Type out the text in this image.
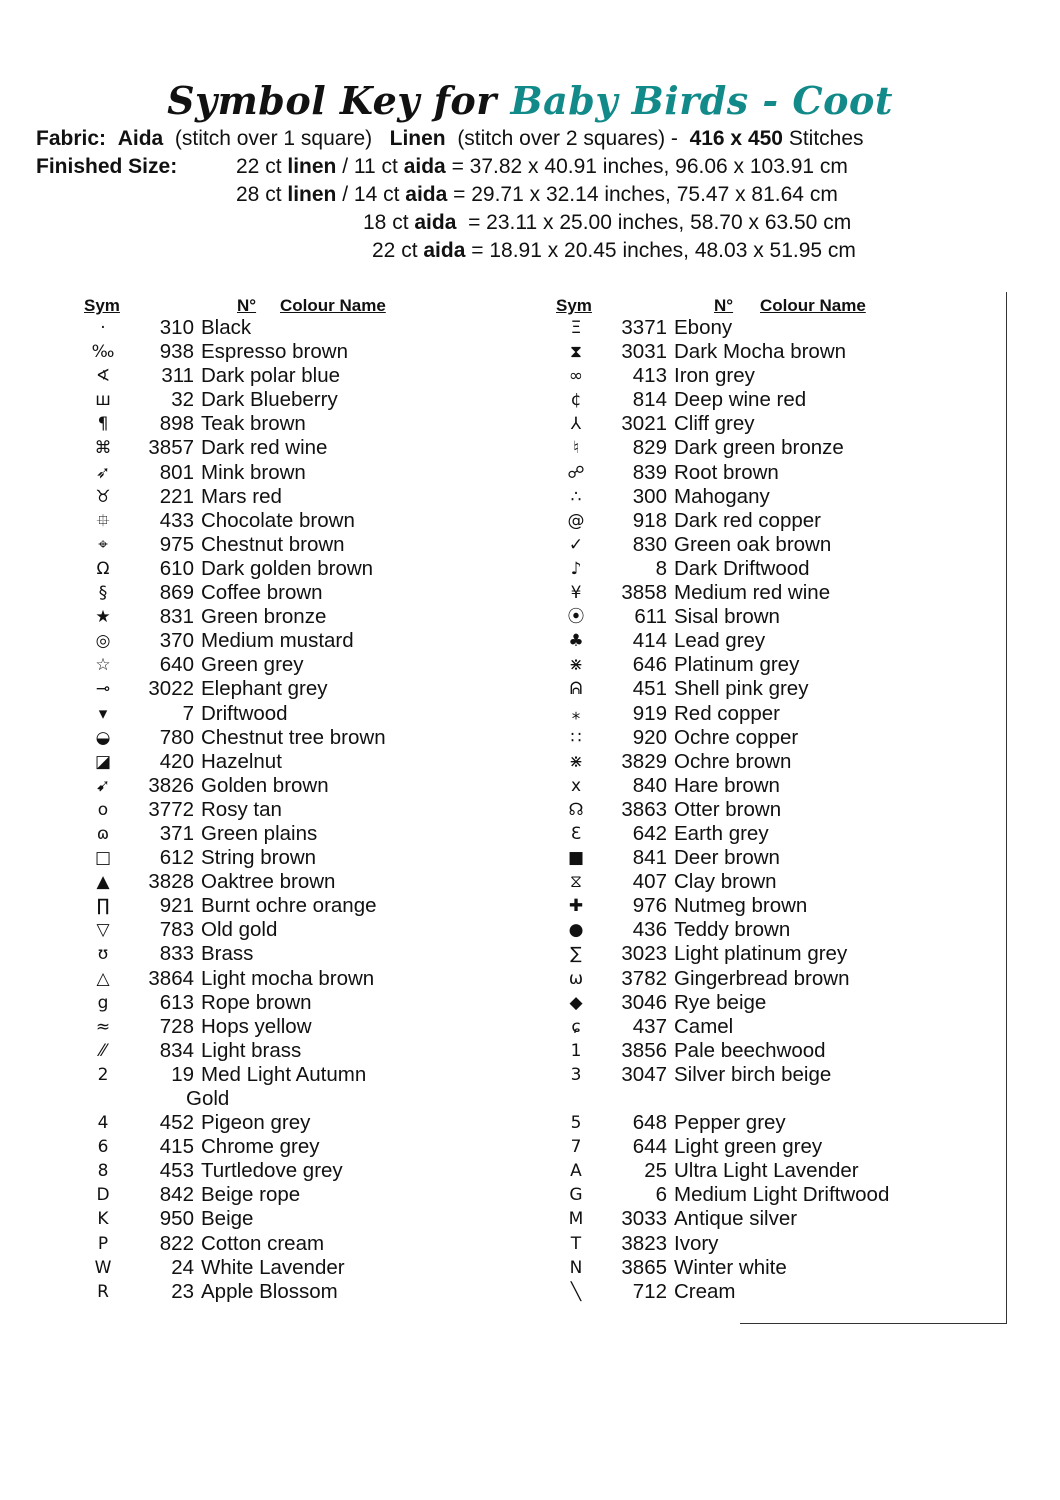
Symbol Key for Baby Birds - Coot
Fabric: Aida (stitch over 1 square) Linen (stitch over 2 squares) - 416 x 450 Stitches
Finished Size:	22 ct linen / 11 ct aida = 37.82 x 40.91 inches, 96.06 x 103.91 cm
28 ct linen / 14 ct aida = 29.71 x 32.14 inches, 75.47 x 81.64 cm
18 ct aida  = 23.11 x 25.00 inches, 58.70 x 63.50 cm
22 ct aida = 18.91 x 20.45 inches, 48.03 x 51.95 cm
Sym	N° Colour Name	Sym	N° Colour Name
·	310 Black
‰	938 Espresso brown
∢	311 Dark polar blue
ш	32 Dark Blueberry
¶	898 Teak brown
⌘	3857 Dark red wine
➶	801 Mink brown
♉	221 Mars red
⯐	433 Chocolate brown
⌖	975 Chestnut brown
Ω	610 Dark golden brown
§	869 Coffee brown
★	831 Green bronze
◎	370 Medium mustard
☆	640 Green grey
⊸	3022 Elephant grey
▾	7 Driftwood
◒	780 Chestnut tree brown
◪	420 Hazelnut
➹	3826 Golden brown
o	3772 Rosy tan
ɷ	371 Green plains
□	612 String brown
▲	3828 Oaktree brown
∏	921 Burnt ochre orange
▽	783 Old gold
ʊ	833 Brass
△	3864 Light mocha brown
g	613 Rope brown
≈	728 Hops yellow
⁄⁄	834 Light brass
2	19 Med Light Autumn
Gold
4	452 Pigeon grey
6	415 Chrome grey
8	453 Turtledove grey
D	842 Beige rope
K	950 Beige
P	822 Cotton cream
W	24 White Lavender
R	23 Apple Blossom
Ξ	3371 Ebony
⧗	3031 Dark Mocha brown
∞	413 Iron grey
¢	814 Deep wine red
⅄	3021 Cliff grey
♮	829 Dark green bronze
☍	839 Root brown
∴	300 Mahogany
@	918 Dark red copper
✓	830 Green oak brown
♪	8 Dark Driftwood
¥	3858 Medium red wine
⦿	611 Sisal brown
♣	414 Lead grey
⋇	646 Platinum grey
ᕱ	451 Shell pink grey
⁎	919 Red copper
∷	920 Ochre copper
⋇	3829 Ochre brown
x	840 Hare brown
☊	3863 Otter brown
Ɛ	642 Earth grey
■	841 Deer brown
⧖	407 Clay brown
✚	976 Nutmeg brown
●	436 Teddy brown
∑	3023 Light platinum grey
ω	3782 Gingerbread brown
◆	3046 Rye beige
ɕ	437 Camel
1	3856 Pale beechwood
3	3047 Silver birch beige
5	648 Pepper grey
7	644 Light green grey
A	25 Ultra Light Lavender
G	6 Medium Light Driftwood
M	3033 Antique silver
T	3823 Ivory
N	3865 Winter white
╲	712 Cream
